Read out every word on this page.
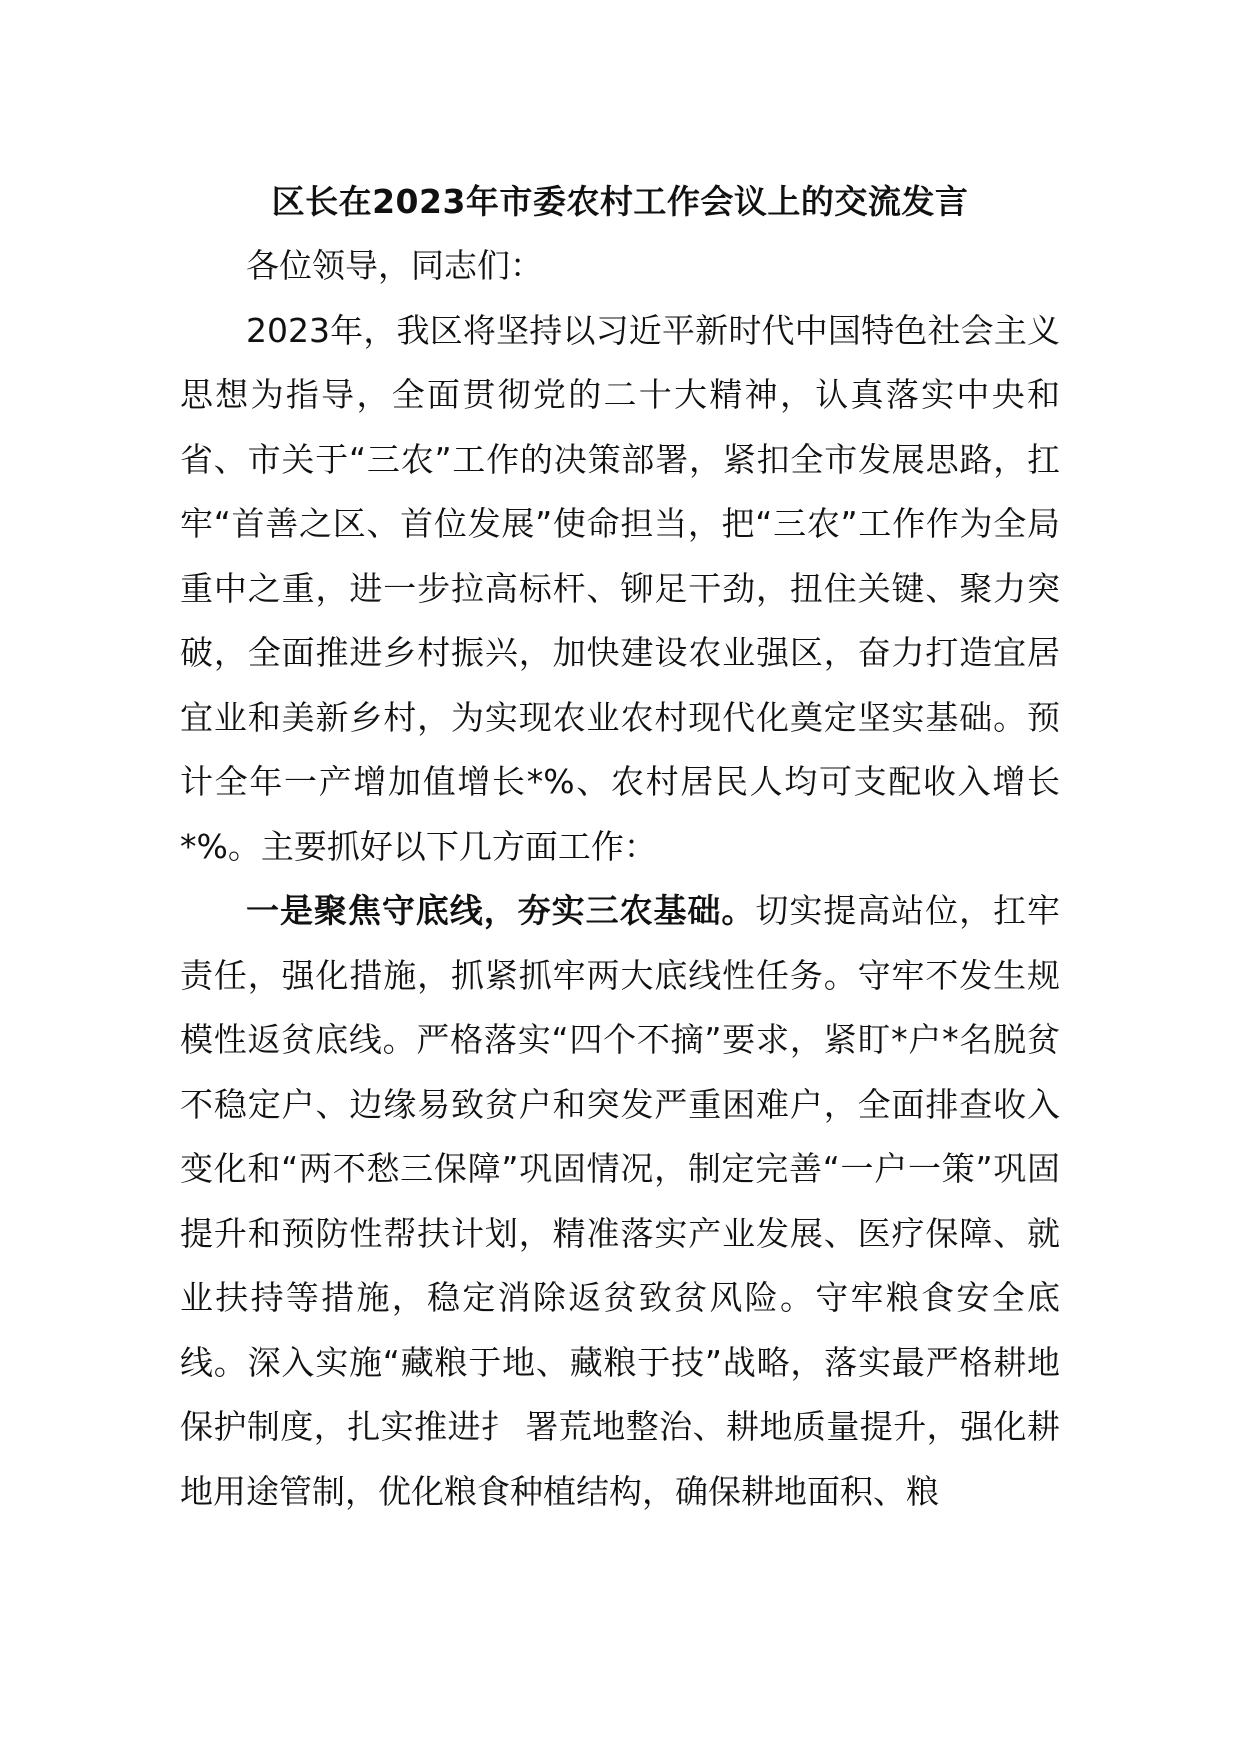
区长在2023年市委农村工作会议上的交流发言

各位领导，同志们：

2023年，我区将坚持以习近平新时代中国特色社会主义思想为指导，全面贯彻党的二十大精神，认真落实中央和省、市关于“三农”工作的决策部署，紧扣全市发展思路，扛牢“首善之区、首位发展”使命担当，把“三农”工作作为全局重中之重，进一步拉高标杆、铆足干劲，扭住关键、聚力突破，全面推进乡村振兴，加快建设农业强区，奋力打造宜居宜业和美新乡村，为实现农业农村现代化奠定坚实基础。预计全年一产增加值增长*%、农村居民人均可支配收入增长*%。主要抓好以下几方面工作：

一是聚焦守底线，夯实三农基础。切实提高站位，扛牢责任，强化措施，抓紧抓牢两大底线性任务。守牢不发生规模性返贫底线。严格落实“四个不摘”要求，紧盯*户*名脱贫不稳定户、边缘易致贫户和突发严重困难户，全面排查收入变化和“两不愁三保障”巩固情况，制定完善“一户一策”巩固提升和预防性帮扶计划，精准落实产业发展、医疗保障、就业扶持等措施，稳定消除返贫致贫风险。守牢粮食安全底线。深入实施“藏粮于地、藏粮于技”战略，落实最严格耕地保护制度，扎实推进扌 署荒地整治、耕地质量提升，强化耕地用途管制，优化粮食种植结构，确保耕地面积、粮
